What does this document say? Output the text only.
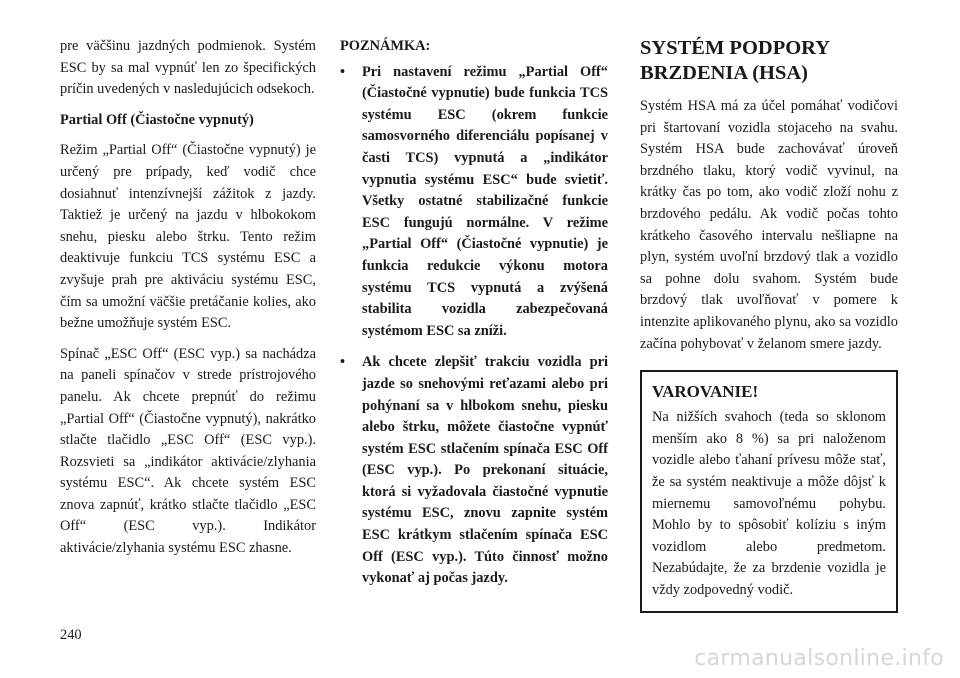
pre väčšinu jazdných podmienok. Systém ESC by sa mal vypnúť len zo špecifických príčin uvedených v nasledujúcich odsekoch.

Partial Off (Čiastočne vypnutý)

Režim „Partial Off“ (Čiastočne vypnutý) je určený pre prípady, keď vodič chce dosiahnuť intenzívnejší zážitok z jazdy. Taktiež je určený na jazdu v hlbokokom snehu, piesku alebo štrku. Tento režim deaktivuje funkciu TCS systému ESC a zvyšuje prah pre aktiváciu systému ESC, čím sa umožní väčšie pretáčanie kolies, ako bežne umožňuje systém ESC.

Spínač „ESC Off“ (ESC vyp.) sa nachádza na paneli spínačov v strede prístrojového panelu. Ak chcete prepnúť do režimu „Partial Off“ (Čiastočne vypnutý), nakrátko stlačte tlačidlo „ESC Off“ (ESC vyp.). Rozsvieti sa „indikátor aktivácie/zlyhania systému ESC“. Ak chcete systém ESC znova zapnúť, krátko stlačte tlačidlo „ESC Off“ (ESC vyp.). Indikátor aktivácie/zlyhania systému ESC zhasne.

POZNÁMKA:

• Pri nastavení režimu „Partial Off“ (Čiastočné vypnutie) bude funkcia TCS systému ESC (okrem funkcie samosvorného diferenciálu popísanej v časti TCS) vypnutá a „indikátor vypnutia systému ESC“ bude svietiť. Všetky ostatné stabilizačné funkcie ESC fungujú normálne. V režime „Partial Off“ (Čiastočné vypnutie) je funkcia redukcie výkonu motora systému TCS vypnutá a zvýšená stabilita vozidla zabezpečovaná systémom ESC sa zníži.
• Ak chcete zlepšiť trakciu vozidla pri jazde so snehovými reťazami alebo pri pohýnaní sa v hlbokom snehu, piesku alebo štrku, môžete čiastočne vypnúť systém ESC stlačením spínača ESC Off (ESC vyp.). Po prekonaní situácie, ktorá si vyžadovala čiastočné vypnutie systému ESC, znovu zapnite systém ESC krátkym stlačením spínača ESC Off (ESC vyp.). Túto činnosť možno vykonať aj počas jazdy.
SYSTÉM PODPORY BRZDENIA (HSA)

Systém HSA má za účel pomáhať vodičovi pri štartovaní vozidla stojaceho na svahu. Systém HSA bude zachovávať úroveň brzdného tlaku, ktorý vodič vyvinul, na krátky čas po tom, ako vodič zloží nohu z brzdového pedálu. Ak vodič počas tohto krátkeho časového intervalu nešliapne na plyn, systém uvoľní brzdový tlak a vozidlo sa pohne dolu svahom. Systém bude brzdový tlak uvoľňovať v pomere k intenzite aplikovaného plynu, ako sa vozidlo začína pohybovať v želanom smere jazdy.

VAROVANIE!

Na nižších svahoch (teda so sklonom menším ako 8 %) sa pri naloženom vozidle alebo ťahaní prívesu môže stať, že sa systém neaktivuje a môže dôjsť k miernemu samovoľnému pohybu. Mohlo by to spôsobiť kolíziu s iným vozidlom alebo predmetom. Nezabúdajte, že za brzdenie vozidla je vždy zodpovedný vodič.

240
carmanualsonline.info
